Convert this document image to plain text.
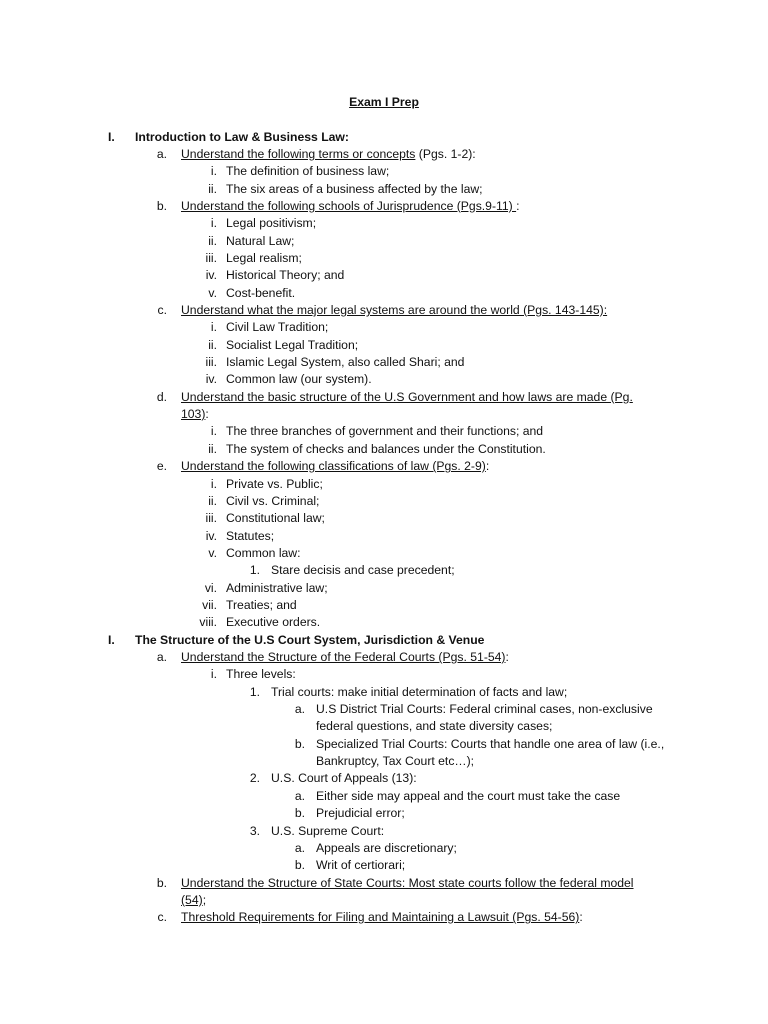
Exam I Prep
I.	Introduction to Law & Business Law:
a. Understand the following terms or concepts (Pgs. 1-2):
i. The definition of business law;
ii. The six areas of a business affected by the law;
b. Understand the following schools of Jurisprudence (Pgs.9-11) :
i. Legal positivism;
ii. Natural Law;
iii. Legal realism;
iv. Historical Theory; and
v. Cost-benefit.
c. Understand what the major legal systems are around the world (Pgs. 143-145):
i. Civil Law Tradition;
ii. Socialist Legal Tradition;
iii. Islamic Legal System, also called Shari; and
iv. Common law (our system).
d. Understand the basic structure of the U.S Government and how laws are made (Pg.
103):
i. The three branches of government and their functions; and
ii. The system of checks and balances under the Constitution.
e. Understand the following classifications of law (Pgs. 2-9):
i. Private vs. Public;
ii. Civil vs. Criminal;
iii. Constitutional law;
iv. Statutes;
v. Common law:
1. Stare decisis and case precedent;
vi. Administrative law;
vii. Treaties; and
viii. Executive orders.
I.	The Structure of the U.S Court System, Jurisdiction & Venue
a. Understand the Structure of the Federal Courts (Pgs. 51-54):
i. Three levels:
1. Trial courts: make initial determination of facts and law;
a. U.S District Trial Courts: Federal criminal cases, non-exclusive
federal questions, and state diversity cases;
b. Specialized Trial Courts: Courts that handle one area of law (i.e.,
Bankruptcy, Tax Court etc…);
2. U.S. Court of Appeals (13):
a. Either side may appeal and the court must take the case
b. Prejudicial error;
3. U.S. Supreme Court:
a. Appeals are discretionary;
b. Writ of certiorari;
b. Understand the Structure of State Courts: Most state courts follow the federal model
(54);
c. Threshold Requirements for Filing and Maintaining a Lawsuit (Pgs. 54-56):
